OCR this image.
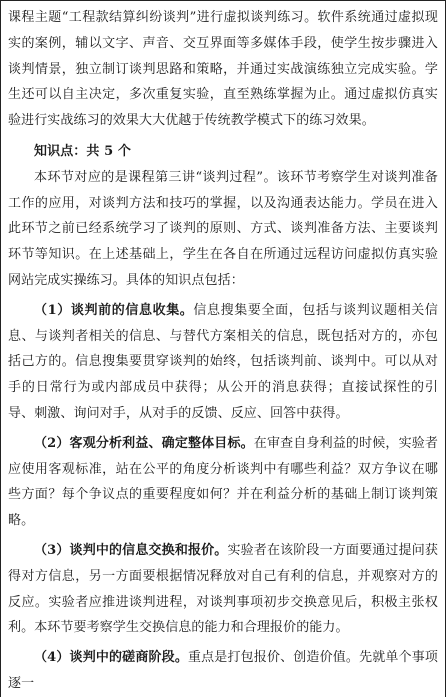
课程主题“工程款结算纠纷谈判”进行虚拟谈判练习。软件系统通过虚拟现实的案例，辅以文字、声音、交互界面等多媒体手段，使学生按步骤进入谈判情景，独立制订谈判思路和策略，并通过实战演练独立完成实验。学生还可以自主决定，多次重复实验，直至熟练掌握为止。通过虚拟仿真实验进行实战练习的效果大大优越于传统教学模式下的练习效果。

知识点：共 5 个

本环节对应的是课程第三讲“谈判过程”。该环节考察学生对谈判准备工作的应用，对谈判方法和技巧的掌握，以及沟通表达能力。学员在进入此环节之前已经系统学习了谈判的原则、方式、谈判准备方法、主要谈判环节等知识。在上述基础上，学生在各自在所通过远程访问虚拟仿真实验网站完成实操练习。具体的知识点包括：

（1）谈判前的信息收集。信息搜集要全面，包括与谈判议题相关信息、与谈判者相关的信息、与替代方案相关的信息，既包括对方的，亦包括己方的。信息搜集要贯穿谈判的始终，包括谈判前、谈判中。可以从对手的日常行为或内部成员中获得；从公开的消息获得；直接试探性的引导、刺激、询问对手，从对手的反馈、反应、回答中获得。

（2）客观分析利益、确定整体目标。在审查自身利益的时候，实验者应使用客观标准，站在公平的角度分析谈判中有哪些利益？双方争议在哪些方面？每个争议点的重要程度如何？并在利益分析的基础上制订谈判策略。

（3）谈判中的信息交换和报价。实验者在该阶段一方面要通过提问获得对方信息，另一方面要根据情况释放对自己有利的信息，并观察对方的反应。实验者应推进谈判进程，对谈判事项初步交换意见后，积极主张权利。本环节要考察学生交换信息的能力和合理报价的能力。

（4）谈判中的磋商阶段。重点是打包报价、创造价值。先就单个事项逐一
